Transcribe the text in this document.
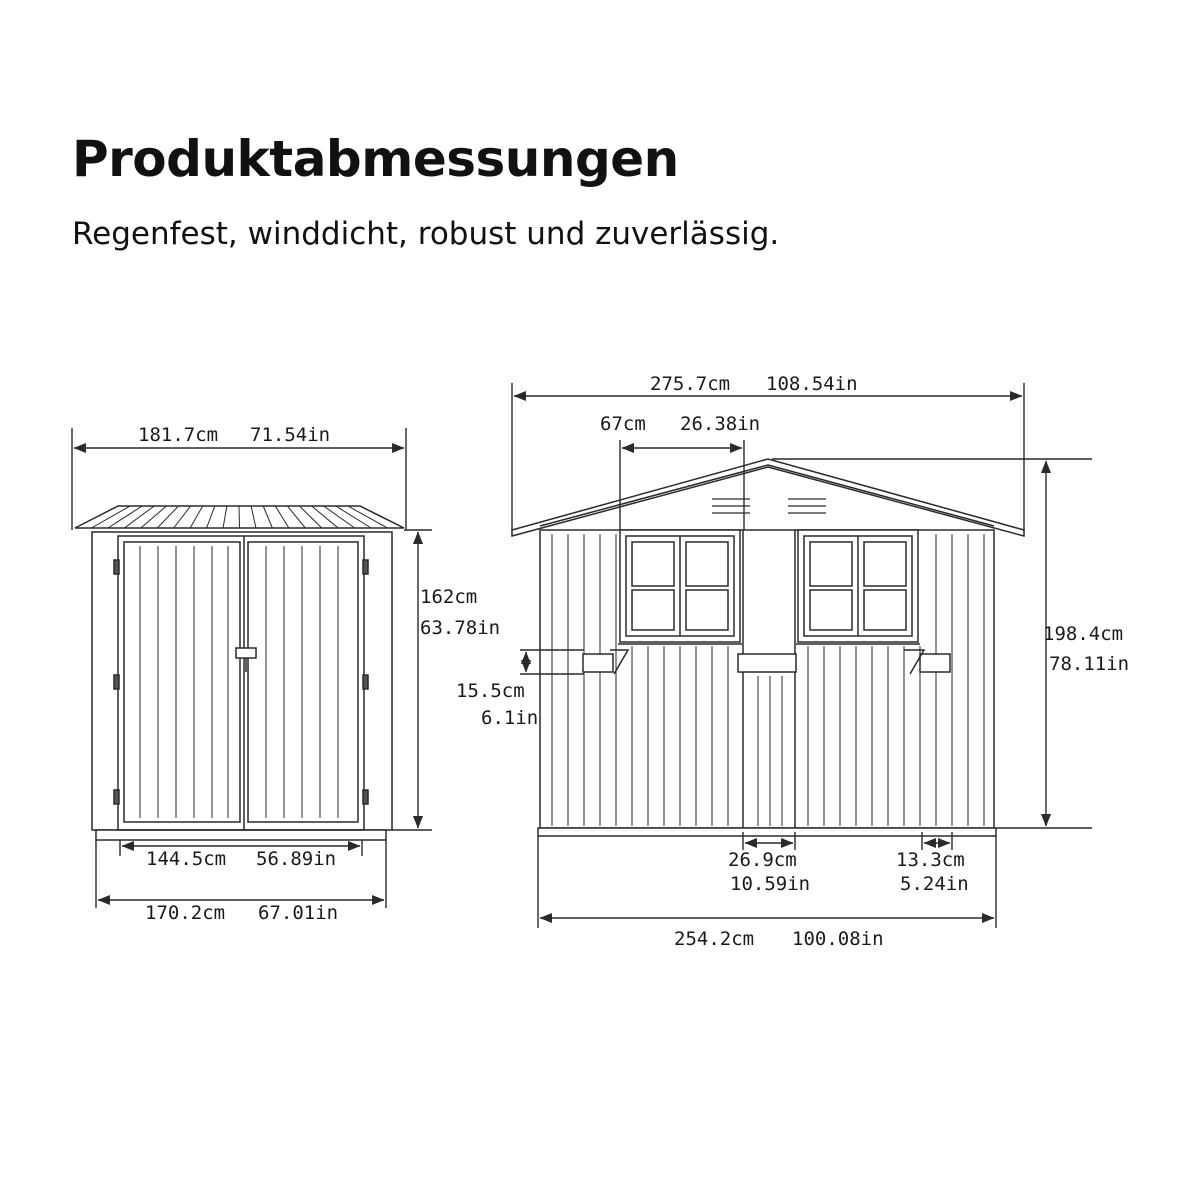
Produktabmessungen

Regenfest, winddicht, robust und zuverlässig.

181.7cm 71.54in
162cm
63.78in
144.5cm 56.89in
170.2cm 67.01in
275.7cm 108.54in
67cm 26.38in
198.4cm
78.11in
15.5cm
6.1in
26.9cm
10.59in
13.3cm
5.24in
254.2cm 100.08in
